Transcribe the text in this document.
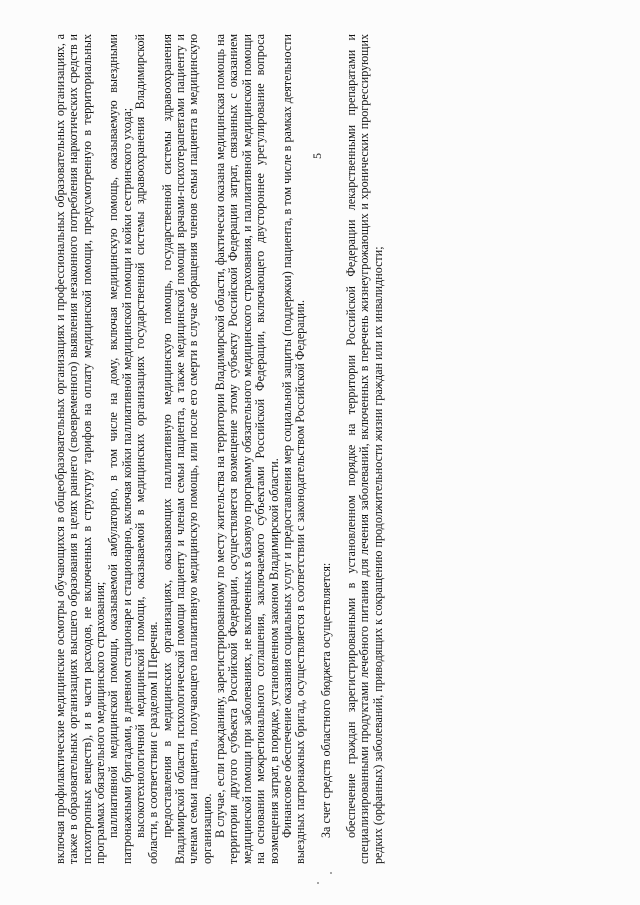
5

включая профилактические медицинские осмотры обучающихся в общеобразовательных организациях и профессиональных образовательных организациях, а также в образовательных организациях высшего образования в целях раннего (своевременного) выявления незаконного потребления наркотических средств и психотропных веществ), и в части расходов, не включенных в структуру тарифов на оплату медицинской помощи, предусмотренную в территориальных программах обязательного медицинского страхования; паллиативной медицинской помощи, оказываемой амбулаторно, в том числе на дому, включая медицинскую помощь, оказываемую выездными патронажными бригадами, в дневном стационаре и стационарно, включая койки паллиативной медицинской помощи и койки сестринского ухода; высокотехнологичной медицинской помощи, оказываемой в медицинских организациях государственной системы здравоохранения Владимирской области, в соответствии с разделом II Перечня. предоставления в медицинских организациях, оказывающих паллиативную медицинскую помощь, государственной системы здравоохранения Владимирской области психологической помощи пациенту и членам семьи пациента, а также медицинской помощи врачами-психотерапевтами пациенту и членам семьи пациента, получающего паллиативную медицинскую помощь, или после его смерти в случае обращения членов семьи пациента в медицинскую организацию. В случае, если гражданину, зарегистрированному по месту жительства на территории Владимирской области, фактически оказана медицинская помощь на территории другого субъекта Российской Федерации, осуществляется возмещение этому субъекту Российской Федерации затрат, связанных с оказанием медицинской помощи при заболеваниях, не включенных в базовую программу обязательного медицинского страхования, и паллиативной медицинской помощи на основании межрегионального соглашения, заключаемого субъектами Российской Федерации, включающего двустороннее урегулирование вопроса возмещения затрат, в порядке, установленном законом Владимирской области. Финансовое обеспечение оказания социальных услуг и предоставления мер социальной защиты (поддержки) пациента, в том числе в рамках деятельности выездных патронажных бригад, осуществляется в соответствии с законодательством Российской Федерации. За счет средств областного бюджета осуществляется: обеспечение граждан зарегистрированными в установленном порядке на территории Российской Федерации лекарственными препаратами и специализированными продуктами лечебного питания для лечения заболеваний, включенных в перечень жизнеугрожающих и хронических прогрессирующих редких (орфанных) заболеваний, приводящих к сокращению продолжительности жизни граждан или их инвалидности;
